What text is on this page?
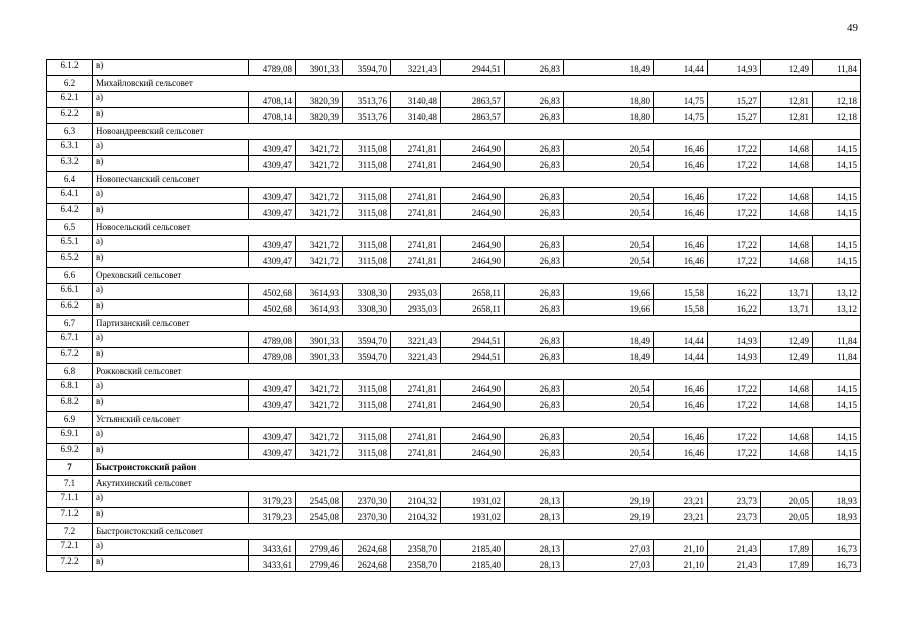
49
6.1.2	в)	4789,08	3901,33	3594,70	3221,43	2944,51	26,83	18,49	14,44	14,93	12,49	11,84
6.2	Михайловский сельсовет											
6.2.1	а)	4708,14	3820,39	3513,76	3140,48	2863,57	26,83	18,80	14,75	15,27	12,81	12,18
6.2.2	в)	4708,14	3820,39	3513,76	3140,48	2863,57	26,83	18,80	14,75	15,27	12,81	12,18
6.3	Новоандреевский сельсовет											
6.3.1	а)	4309,47	3421,72	3115,08	2741,81	2464,90	26,83	20,54	16,46	17,22	14,68	14,15
6.3.2	в)	4309,47	3421,72	3115,08	2741,81	2464,90	26,83	20,54	16,46	17,22	14,68	14,15
6.4	Новопесчанский сельсовет											
6.4.1	а)	4309,47	3421,72	3115,08	2741,81	2464,90	26,83	20,54	16,46	17,22	14,68	14,15
6.4.2	в)	4309,47	3421,72	3115,08	2741,81	2464,90	26,83	20,54	16,46	17,22	14,68	14,15
6.5	Новосельский сельсовет											
6.5.1	а)	4309,47	3421,72	3115,08	2741,81	2464,90	26,83	20,54	16,46	17,22	14,68	14,15
6.5.2	в)	4309,47	3421,72	3115,08	2741,81	2464,90	26,83	20,54	16,46	17,22	14,68	14,15
6.6	Ореховский сельсовет											
6.6.1	а)	4502,68	3614,93	3308,30	2935,03	2658,11	26,83	19,66	15,58	16,22	13,71	13,12
6.6.2	в)	4502,68	3614,93	3308,30	2935,03	2658,11	26,83	19,66	15,58	16,22	13,71	13,12
6.7	Партизанский сельсовет											
6.7.1	а)	4789,08	3901,33	3594,70	3221,43	2944,51	26,83	18,49	14,44	14,93	12,49	11,84
6.7.2	в)	4789,08	3901,33	3594,70	3221,43	2944,51	26,83	18,49	14,44	14,93	12,49	11,84
6.8	Рожковский сельсовет											
6.8.1	а)	4309,47	3421,72	3115,08	2741,81	2464,90	26,83	20,54	16,46	17,22	14,68	14,15
6.8.2	в)	4309,47	3421,72	3115,08	2741,81	2464,90	26,83	20,54	16,46	17,22	14,68	14,15
6.9	Устьянский сельсовет											
6.9.1	а)	4309,47	3421,72	3115,08	2741,81	2464,90	26,83	20,54	16,46	17,22	14,68	14,15
6.9.2	в)	4309,47	3421,72	3115,08	2741,81	2464,90	26,83	20,54	16,46	17,22	14,68	14,15
7	Быстроистокский район											
7.1	Акутихинский сельсовет											
7.1.1	а)	3179,23	2545,08	2370,30	2104,32	1931,02	28,13	29,19	23,21	23,73	20,05	18,93
7.1.2	в)	3179,23	2545,08	2370,30	2104,32	1931,02	28,13	29,19	23,21	23,73	20,05	18,93
7.2	Быстроистокский сельсовет											
7.2.1	а)	3433,61	2799,46	2624,68	2358,70	2185,40	28,13	27,03	21,10	21,43	17,89	16,73
7.2.2	в)	3433,61	2799,46	2624,68	2358,70	2185,40	28,13	27,03	21,10	21,43	17,89	16,73
